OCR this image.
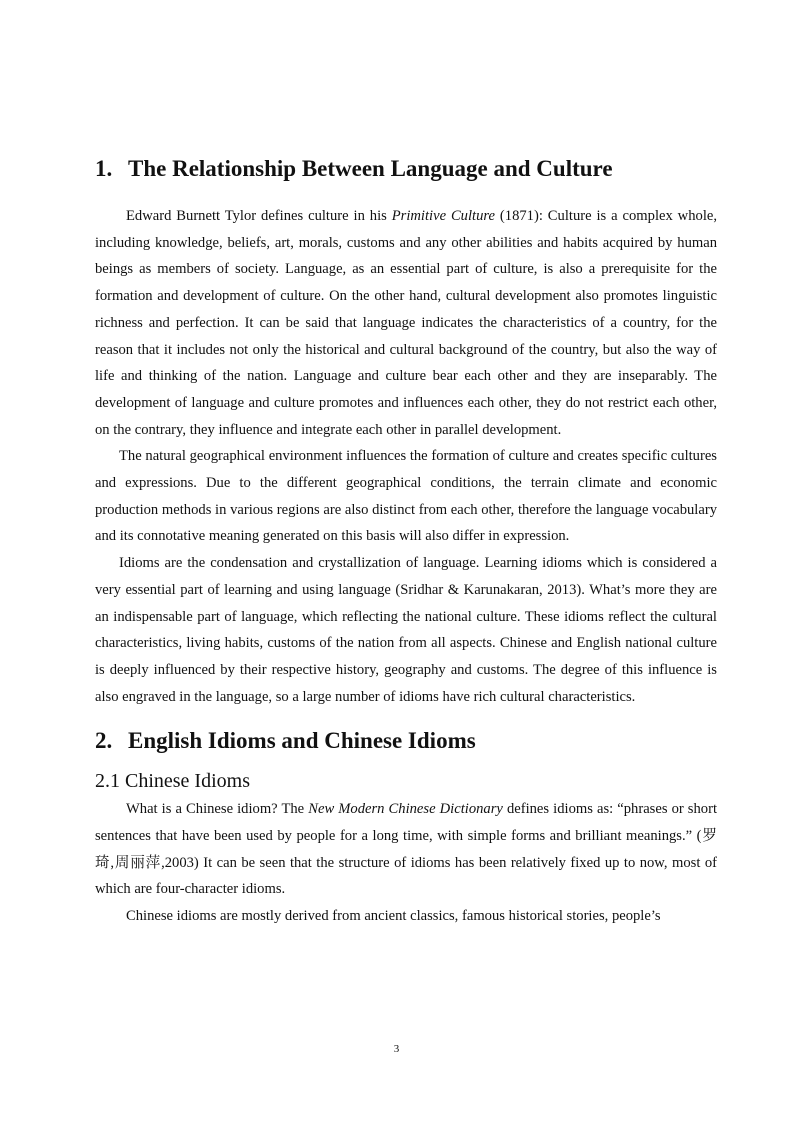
1. The Relationship Between Language and Culture

Edward Burnett Tylor defines culture in his Primitive Culture (1871): Culture is a complex whole, including knowledge, beliefs, art, morals, customs and any other abilities and habits acquired by human beings as members of society. Language, as an essential part of culture, is also a prerequisite for the formation and development of culture. On the other hand, cultural development also promotes linguistic richness and perfection. It can be said that language indicates the characteristics of a country, for the reason that it includes not only the historical and cultural background of the country, but also the way of life and thinking of the nation. Language and culture bear each other and they are inseparably. The development of language and culture promotes and influences each other, they do not restrict each other, on the contrary, they influence and integrate each other in parallel development.

The natural geographical environment influences the formation of culture and creates specific cultures and expressions. Due to the different geographical conditions, the terrain climate and economic production methods in various regions are also distinct from each other, therefore the language vocabulary and its connotative meaning generated on this basis will also differ in expression.

Idioms are the condensation and crystallization of language. Learning idioms which is considered a very essential part of learning and using language (Sridhar & Karunakaran, 2013). What’s more they are an indispensable part of language, which reflecting the national culture. These idioms reflect the cultural characteristics, living habits, customs of the nation from all aspects. Chinese and English national culture is deeply influenced by their respective history, geography and customs. The degree of this influence is also engraved in the language, so a large number of idioms have rich cultural characteristics.

2. English Idioms and Chinese Idioms
2.1 Chinese Idioms

What is a Chinese idiom? The New Modern Chinese Dictionary defines idioms as: “phrases or short sentences that have been used by people for a long time, with simple forms and brilliant meanings.” (罗琦,周丽萍,2003) It can be seen that the structure of idioms has been relatively fixed up to now, most of which are four-character idioms.

Chinese idioms are mostly derived from ancient classics, famous historical stories, people’s

3
